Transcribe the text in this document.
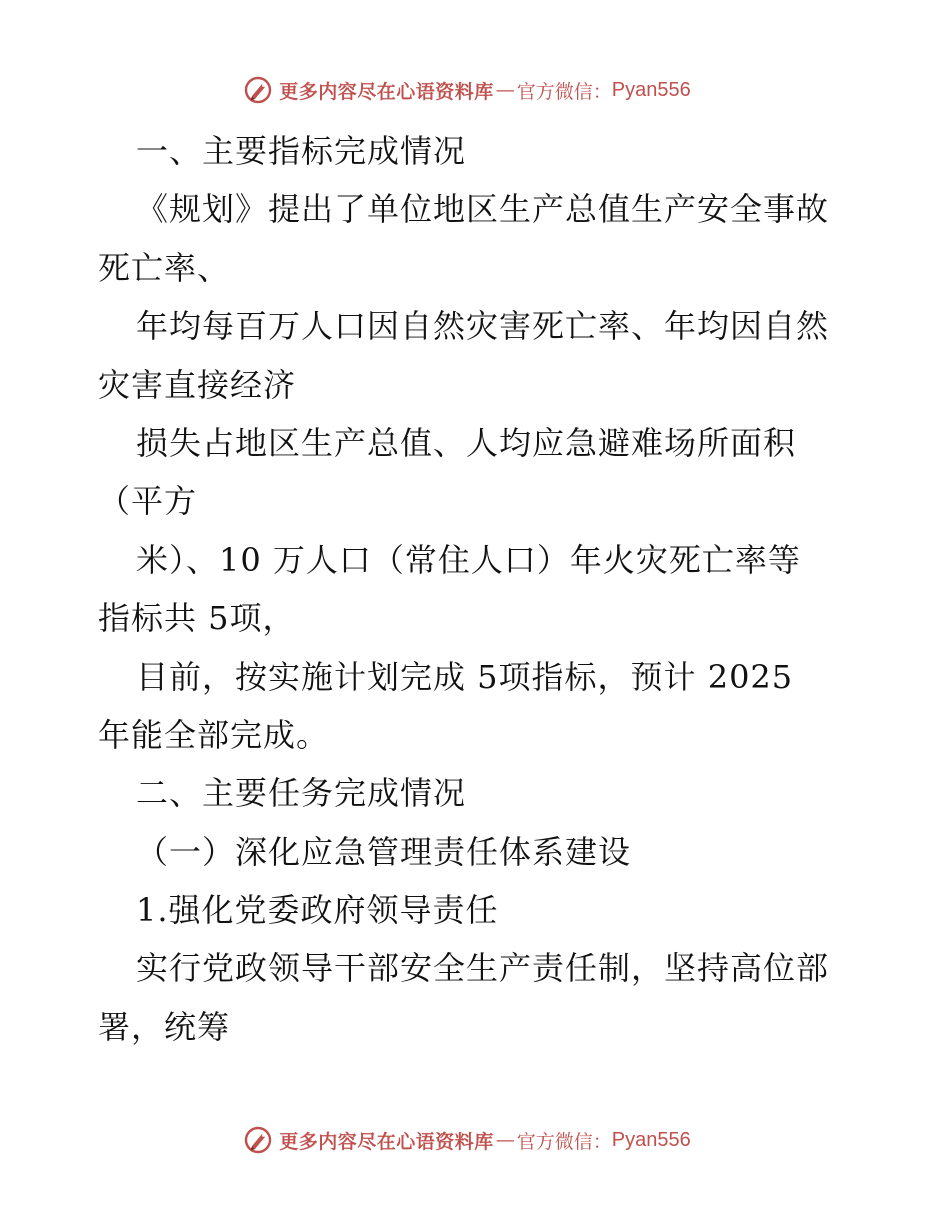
更多内容尽在心语资料库 — 官方微信： Pyan556
一、主要指标完成情况
《规划》提出了单位地区生产总值生产安全事故
死亡率、
年均每百万人口因自然灾害死亡率、年均因自然
灾害直接经济
损失占地区生产总值、人均应急避难场所面积
（平方
米）、10 万人口（常住人口）年火灾死亡率等
指标共 5项，
目前，按实施计划完成 5项指标，预计 2025
年能全部完成。
二、主要任务完成情况
（一）深化应急管理责任体系建设
1.强化党委政府领导责任
实行党政领导干部安全生产责任制，坚持高位部
署，统筹
更多内容尽在心语资料库 — 官方微信： Pyan556
